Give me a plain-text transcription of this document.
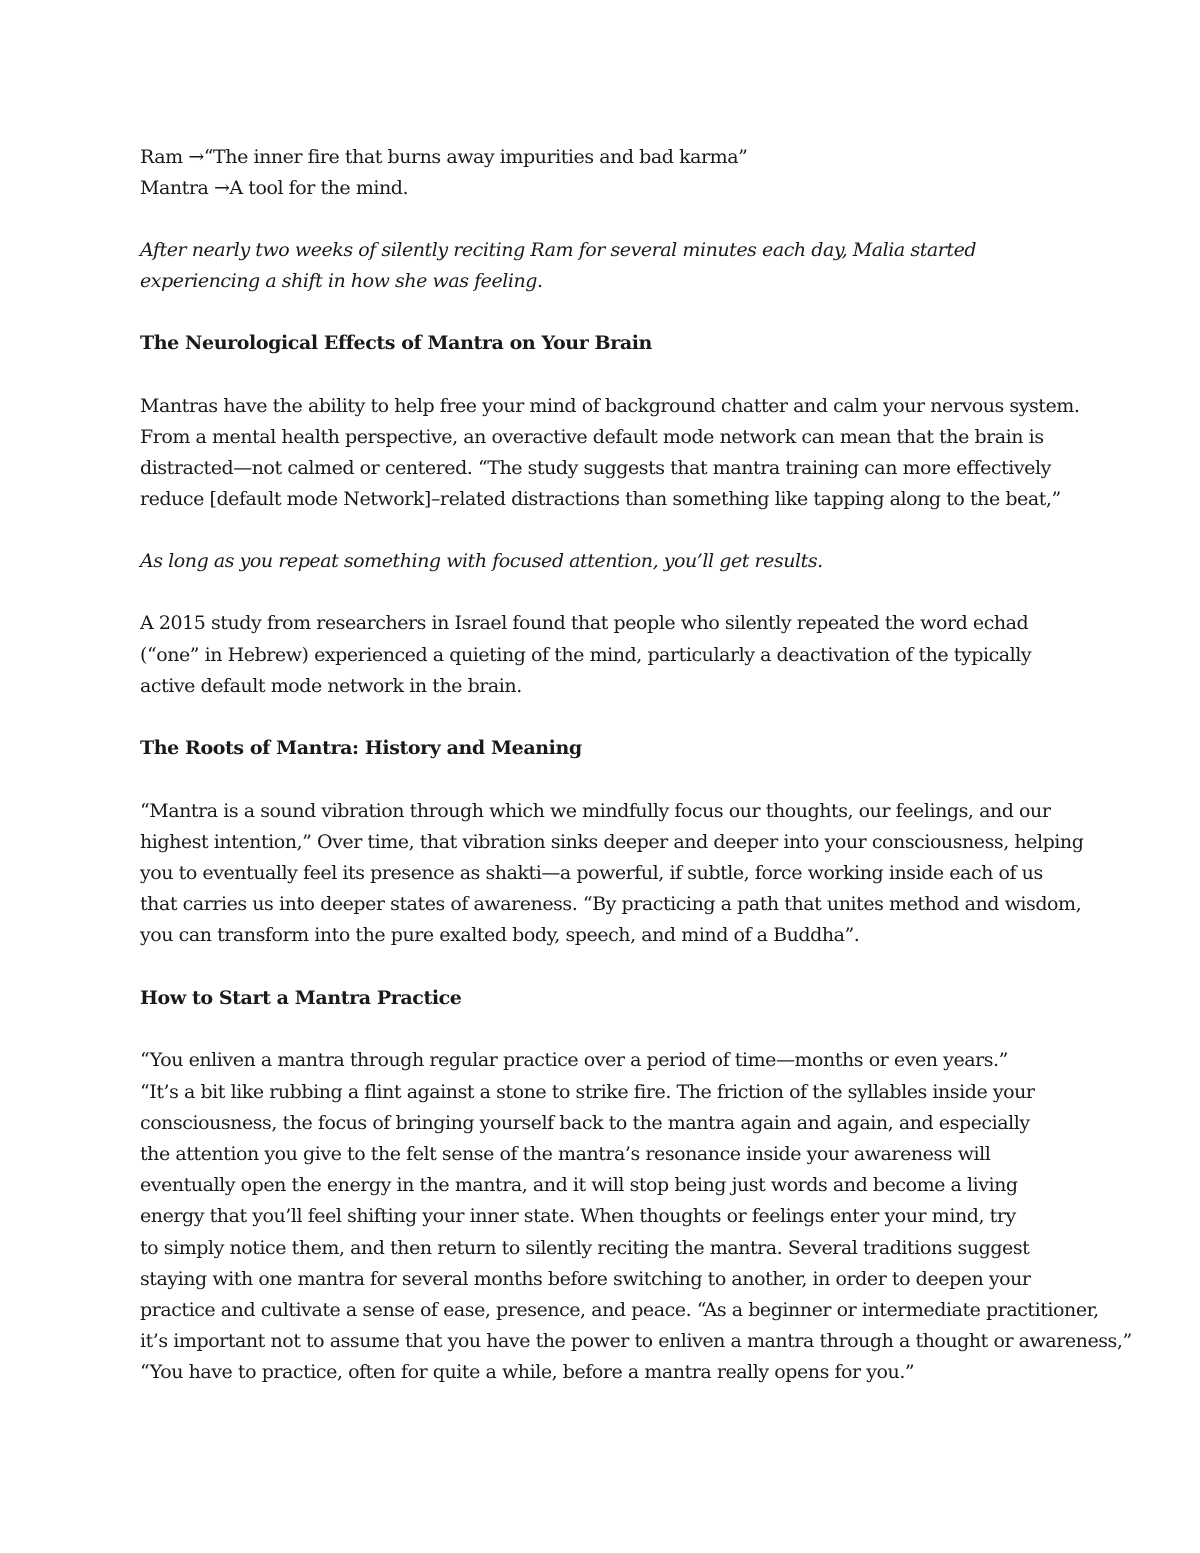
Ram →“The inner fire that burns away impurities and bad karma”
Mantra →A tool for the mind.
After nearly two weeks of silently reciting Ram for several minutes each day, Malia started
experiencing a shift in how she was feeling.
The Neurological Effects of Mantra on Your Brain
Mantras have the ability to help free your mind of background chatter and calm your nervous system.
From a mental health perspective, an overactive default mode network can mean that the brain is
distracted—not calmed or centered. “The study suggests that mantra training can more effectively
reduce [default mode Network]–related distractions than something like tapping along to the beat,”
As long as you repeat something with focused attention, you’ll get results.
A 2015 study from researchers in Israel found that people who silently repeated the word echad
(“one” in Hebrew) experienced a quieting of the mind, particularly a deactivation of the typically
active default mode network in the brain.
The Roots of Mantra: History and Meaning
“Mantra is a sound vibration through which we mindfully focus our thoughts, our feelings, and our
highest intention,” Over time, that vibration sinks deeper and deeper into your consciousness, helping
you to eventually feel its presence as shakti—a powerful, if subtle, force working inside each of us
that carries us into deeper states of awareness. “By practicing a path that unites method and wisdom,
you can transform into the pure exalted body, speech, and mind of a Buddha”.
How to Start a Mantra Practice
“You enliven a mantra through regular practice over a period of time—months or even years.”
“It’s a bit like rubbing a flint against a stone to strike fire. The friction of the syllables inside your
consciousness, the focus of bringing yourself back to the mantra again and again, and especially
the attention you give to the felt sense of the mantra’s resonance inside your awareness will
eventually open the energy in the mantra, and it will stop being just words and become a living
energy that you’ll feel shifting your inner state. When thoughts or feelings enter your mind, try
to simply notice them, and then return to silently reciting the mantra. Several traditions suggest
staying with one mantra for several months before switching to another, in order to deepen your
practice and cultivate a sense of ease, presence, and peace. “As a beginner or intermediate practitioner,
it’s important not to assume that you have the power to enliven a mantra through a thought or awareness,”
“You have to practice, often for quite a while, before a mantra really opens for you.”
